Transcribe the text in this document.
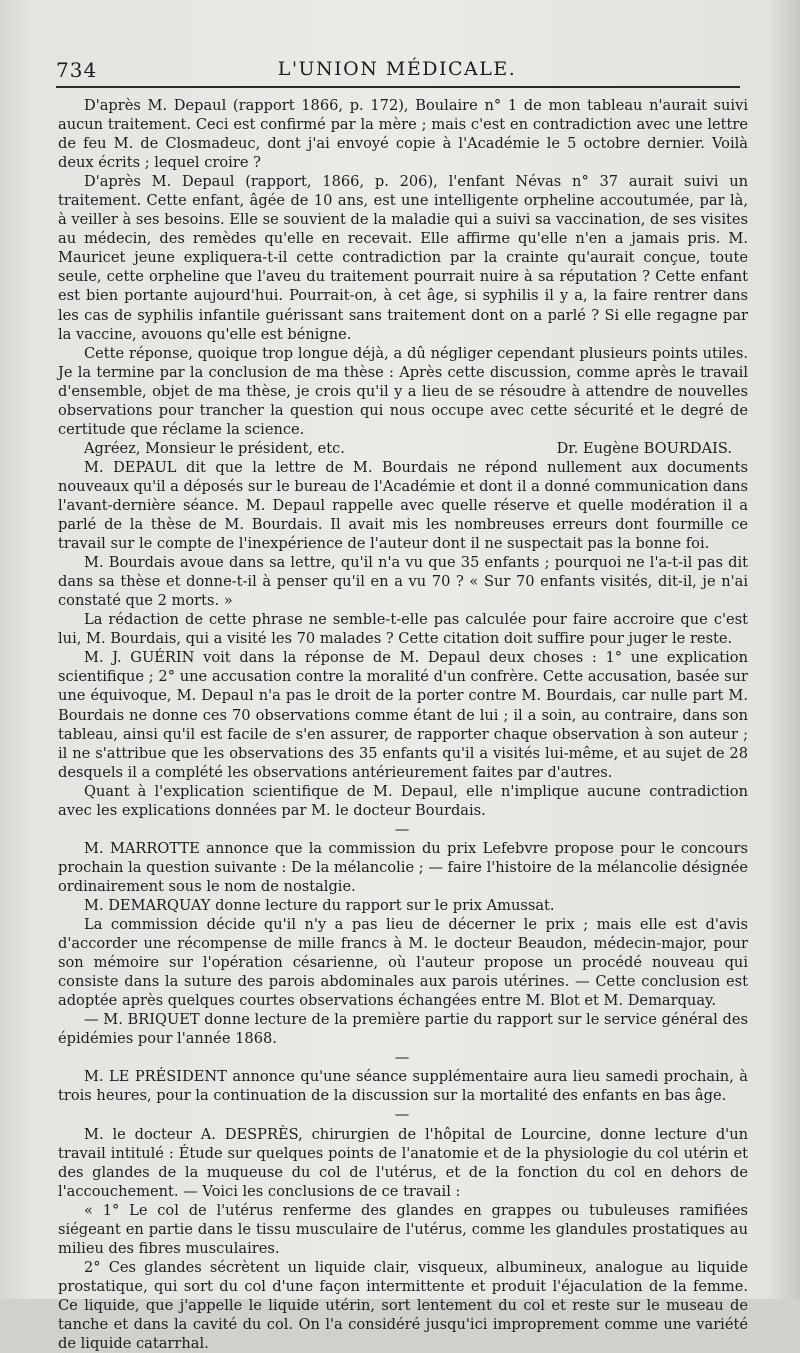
734	L'UNION MÉDICALE.

D'après M. Depaul (rapport 1866, p. 172), Boulaire n° 1 de mon tableau n'aurait suivi aucun traitement. Ceci est confirmé par la mère ; mais c'est en contradiction avec une lettre de feu M. de Closmadeuc, dont j'ai envoyé copie à l'Académie le 5 octobre dernier. Voilà deux écrits ; lequel croire ?

D'après M. Depaul (rapport, 1866, p. 206), l'enfant Névas n° 37 aurait suivi un traitement. Cette enfant, âgée de 10 ans, est une intelligente orpheline accoutumée, par là, à veiller à ses besoins. Elle se souvient de la maladie qui a suivi sa vaccination, de ses visites au médecin, des remèdes qu'elle en recevait. Elle affirme qu'elle n'en a jamais pris. M. Mauricet jeune expliquera-t-il cette contradiction par la crainte qu'aurait conçue, toute seule, cette orpheline que l'aveu du traitement pourrait nuire à sa réputation ? Cette enfant est bien portante aujourd'hui. Pourrait-on, à cet âge, si syphilis il y a, la faire rentrer dans les cas de syphilis infantile guérissant sans traitement dont on a parlé ? Si elle regagne par la vaccine, avouons qu'elle est bénigne.

Cette réponse, quoique trop longue déjà, a dû négliger cependant plusieurs points utiles. Je la termine par la conclusion de ma thèse : Après cette discussion, comme après le travail d'ensemble, objet de ma thèse, je crois qu'il y a lieu de se résoudre à attendre de nouvelles observations pour trancher la question qui nous occupe avec cette sécurité et le degré de certitude que réclame la science.

Agréez, Monsieur le président, etc.	Dr. Eugène BOURDAIS.

M. DEPAUL dit que la lettre de M. Bourdais ne répond nullement aux documents nouveaux qu'il a déposés sur le bureau de l'Académie et dont il a donné communication dans l'avant-dernière séance. M. Depaul rappelle avec quelle réserve et quelle modération il a parlé de la thèse de M. Bourdais. Il avait mis les nombreuses erreurs dont fourmille ce travail sur le compte de l'inexpérience de l'auteur dont il ne suspectait pas la bonne foi.

M. Bourdais avoue dans sa lettre, qu'il n'a vu que 35 enfants ; pourquoi ne l'a-t-il pas dit dans sa thèse et donne-t-il à penser qu'il en a vu 70 ? « Sur 70 enfants visités, dit-il, je n'ai constaté que 2 morts. »

La rédaction de cette phrase ne semble-t-elle pas calculée pour faire accroire que c'est lui, M. Bourdais, qui a visité les 70 malades ? Cette citation doit suffire pour juger le reste.

M. J. GUÉRIN voit dans la réponse de M. Depaul deux choses : 1° une explication scientifique ; 2° une accusation contre la moralité d'un confrère. Cette accusation, basée sur une équivoque, M. Depaul n'a pas le droit de la porter contre M. Bourdais, car nulle part M. Bourdais ne donne ces 70 observations comme étant de lui ; il a soin, au contraire, dans son tableau, ainsi qu'il est facile de s'en assurer, de rapporter chaque observation à son auteur ; il ne s'attribue que les observations des 35 enfants qu'il a visités lui-même, et au sujet de 28 desquels il a complété les observations antérieurement faites par d'autres.

Quant à l'explication scientifique de M. Depaul, elle n'implique aucune contradiction avec les explications données par M. le docteur Bourdais.

—

M. MARROTTE annonce que la commission du prix Lefebvre propose pour le concours prochain la question suivante : De la mélancolie ; — faire l'histoire de la mélancolie désignée ordinairement sous le nom de nostalgie.

M. DEMARQUAY donne lecture du rapport sur le prix Amussat.

La commission décide qu'il n'y a pas lieu de décerner le prix ; mais elle est d'avis d'accorder une récompense de mille francs à M. le docteur Beaudon, médecin-major, pour son mémoire sur l'opération césarienne, où l'auteur propose un procédé nouveau qui consiste dans la suture des parois abdominales aux parois utérines. — Cette conclusion est adoptée après quelques courtes observations échangées entre M. Blot et M. Demarquay.

— M. BRIQUET donne lecture de la première partie du rapport sur le service général des épidémies pour l'année 1868.

—

M. LE PRÉSIDENT annonce qu'une séance supplémentaire aura lieu samedi prochain, à trois heures, pour la continuation de la discussion sur la mortalité des enfants en bas âge.

—

M. le docteur A. DESPRÈS, chirurgien de l'hôpital de Lourcine, donne lecture d'un travail intitulé : Étude sur quelques points de l'anatomie et de la physiologie du col utérin et des glandes de la muqueuse du col de l'utérus, et de la fonction du col en dehors de l'accouchement. — Voici les conclusions de ce travail :

« 1° Le col de l'utérus renferme des glandes en grappes ou tubuleuses ramifiées siégeant en partie dans le tissu musculaire de l'utérus, comme les glandules prostatiques au milieu des fibres musculaires.

2° Ces glandes sécrètent un liquide clair, visqueux, albumineux, analogue au liquide prostatique, qui sort du col d'une façon intermittente et produit l'éjaculation de la femme. Ce liquide, que j'appelle le liquide utérin, sort lentement du col et reste sur le museau de tanche et dans la cavité du col. On l'a considéré jusqu'ici improprement comme une variété de liquide catarrhal.
